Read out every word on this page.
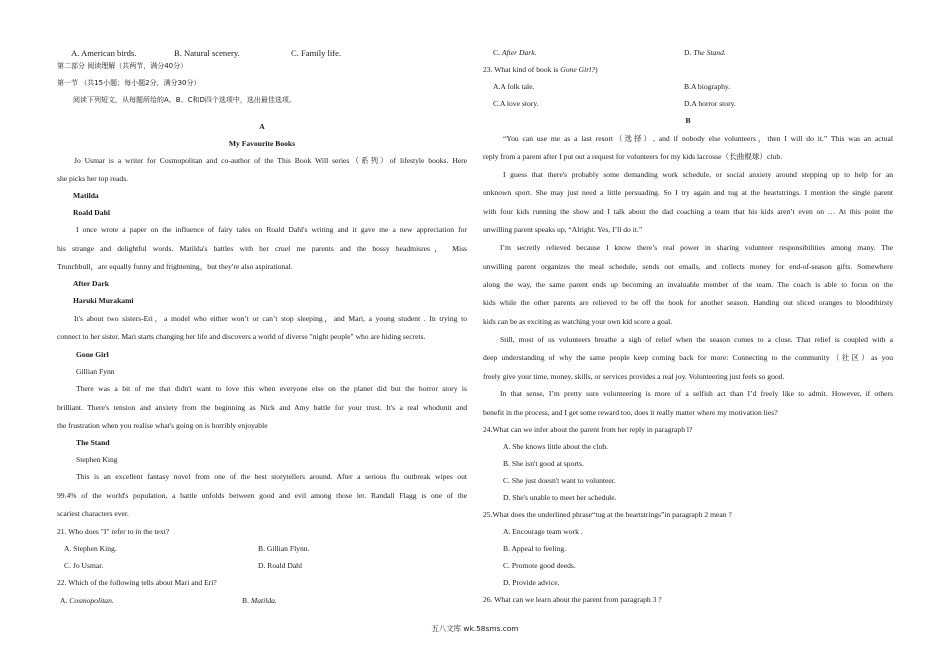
A. American birds.	B. Natural scenery.	C. Family life.
第二部分 阅读理解（共两节，满分40分）
第一节 （共15小题；每小题2分，满分30分）
阅读下列短文，从每题所给的A、B、C和D四个选项中，选出最佳选项。
A
My Favourite Books
Jo Usmar is a writer for Cosmopolitan and co-author of the This Book Will series（系列）of lifestyle books. Here
she picks her top reads.
Matilda
Roald Dahl
I once wrote a paper on the influence of fairy tales on Roald Dahl's writing and it gave me a new appreciation for
his strange and delightful words. Matilda's battles with her cruel me parents and the bossy headmisres， Miss
Trunchbull，are equally funny and frightening，but they're also aspirational.
After Dark
Haruki Murakami
It's about two sisters-Eri，a model who either won’t or can’t stop sleeping，and Mari, a young student . In trying to
connect to her sister. Mari starts changing her life and discovers a world of diverse "night people" who are hiding secrets.
Gone Girl
Gillian Fynn
There was a bit of me that didn't want to love this when everyone else on the planet did but the horror story is
brilliant. There's tension and anxiety from the beginning as Nick and Amy battle for your trust. It's a real whodunit and
the frustration when you realise what's going on is horribly enjoyable
The Stand
Stephen King
This is an excellent fantasy novel from one of the best storytellers around. After a serious flu outbreak wipes out
99.4% of the world's population, a battle unfolds between good and evil among those let. Randall Flagg is one of the
scariest characters ever.
21. Who does "I" refer to in the text?
A. Stephen King.	B. Gillian Flynn.
C. Jo Usmar.	D. Roald Dahl
22. Which of the following tells about Mari and Eri?
A. Cosmopolitan.	B. Matilda.
C. After Dark.	D. The Stand.
23. What kind of book is Gone Girl?)
A.A folk tale.	B.A biography.
C.A love story.	D.A horror story.
B
“You can use me as a last resort（选择）, and if nobody else volunteers，then I will do it.” This was an actual
reply from a parent after I put out a request for volunteers for my kids lacrosse（长曲棍球）club.
I guess that there's probably some demanding work schedule, or social anxiety around stepping up to help for an
unknown sport. She may just need a little persuading. So I try again and tug at the heartstrings. I mention the single parent
with four kids running the show and I talk about the dad coaching a team that his kids aren’t even on … At this point the
unwilling parent speaks up, “Alright. Yes, I’ll do it.”
I’m secretly relieved because I know there’s real power in sharing volunteer responsibilities among many. The
unwilling parent organizes the meal schedule, sends out emails, and collects money for end-of-season gifts. Somewhere
along the way, the same parent ends up becoming an invaluable member of the team. The coach is able to focus on the
kids while the other parents are relieved to be off the hook for another season. Handing out sliced oranges to bloodthirsty
kids can be as exciting as watching your own kid score a goal.
Still, most of us volunteers breathe a sigh of relief when the season comes to a close. That relief is coupled with a
deep understanding of why the same people keep coming back for more: Connecting to the community（社区）as you
freely give your time, money, skills, or services provides a real joy. Volunteering just feels so good.
In that sense, I’m pretty sure volunteering is more of a selfish act than I’d freely like to admit. However, if others
benefit in the process, and I get some reward too, does it really matter where my motivation lies?
24.What can we infer about the parent from her reply in paragraph l?
A. She knows little about the club.
B. She isn't good at sports.
C. She just doesn't want to volunteer.
D. She's unable to meet her schedule.
25.What does the underlined phrase“tug at the heartstrings”in paragraph 2 mean ?
A. Encourage team work .
B. Appeal to feeling.
C. Promote good deeds.
D. Provide advice.
26. What can we learn about the parent from paragraph 3 ?
五八文库 wk.58sms.com
